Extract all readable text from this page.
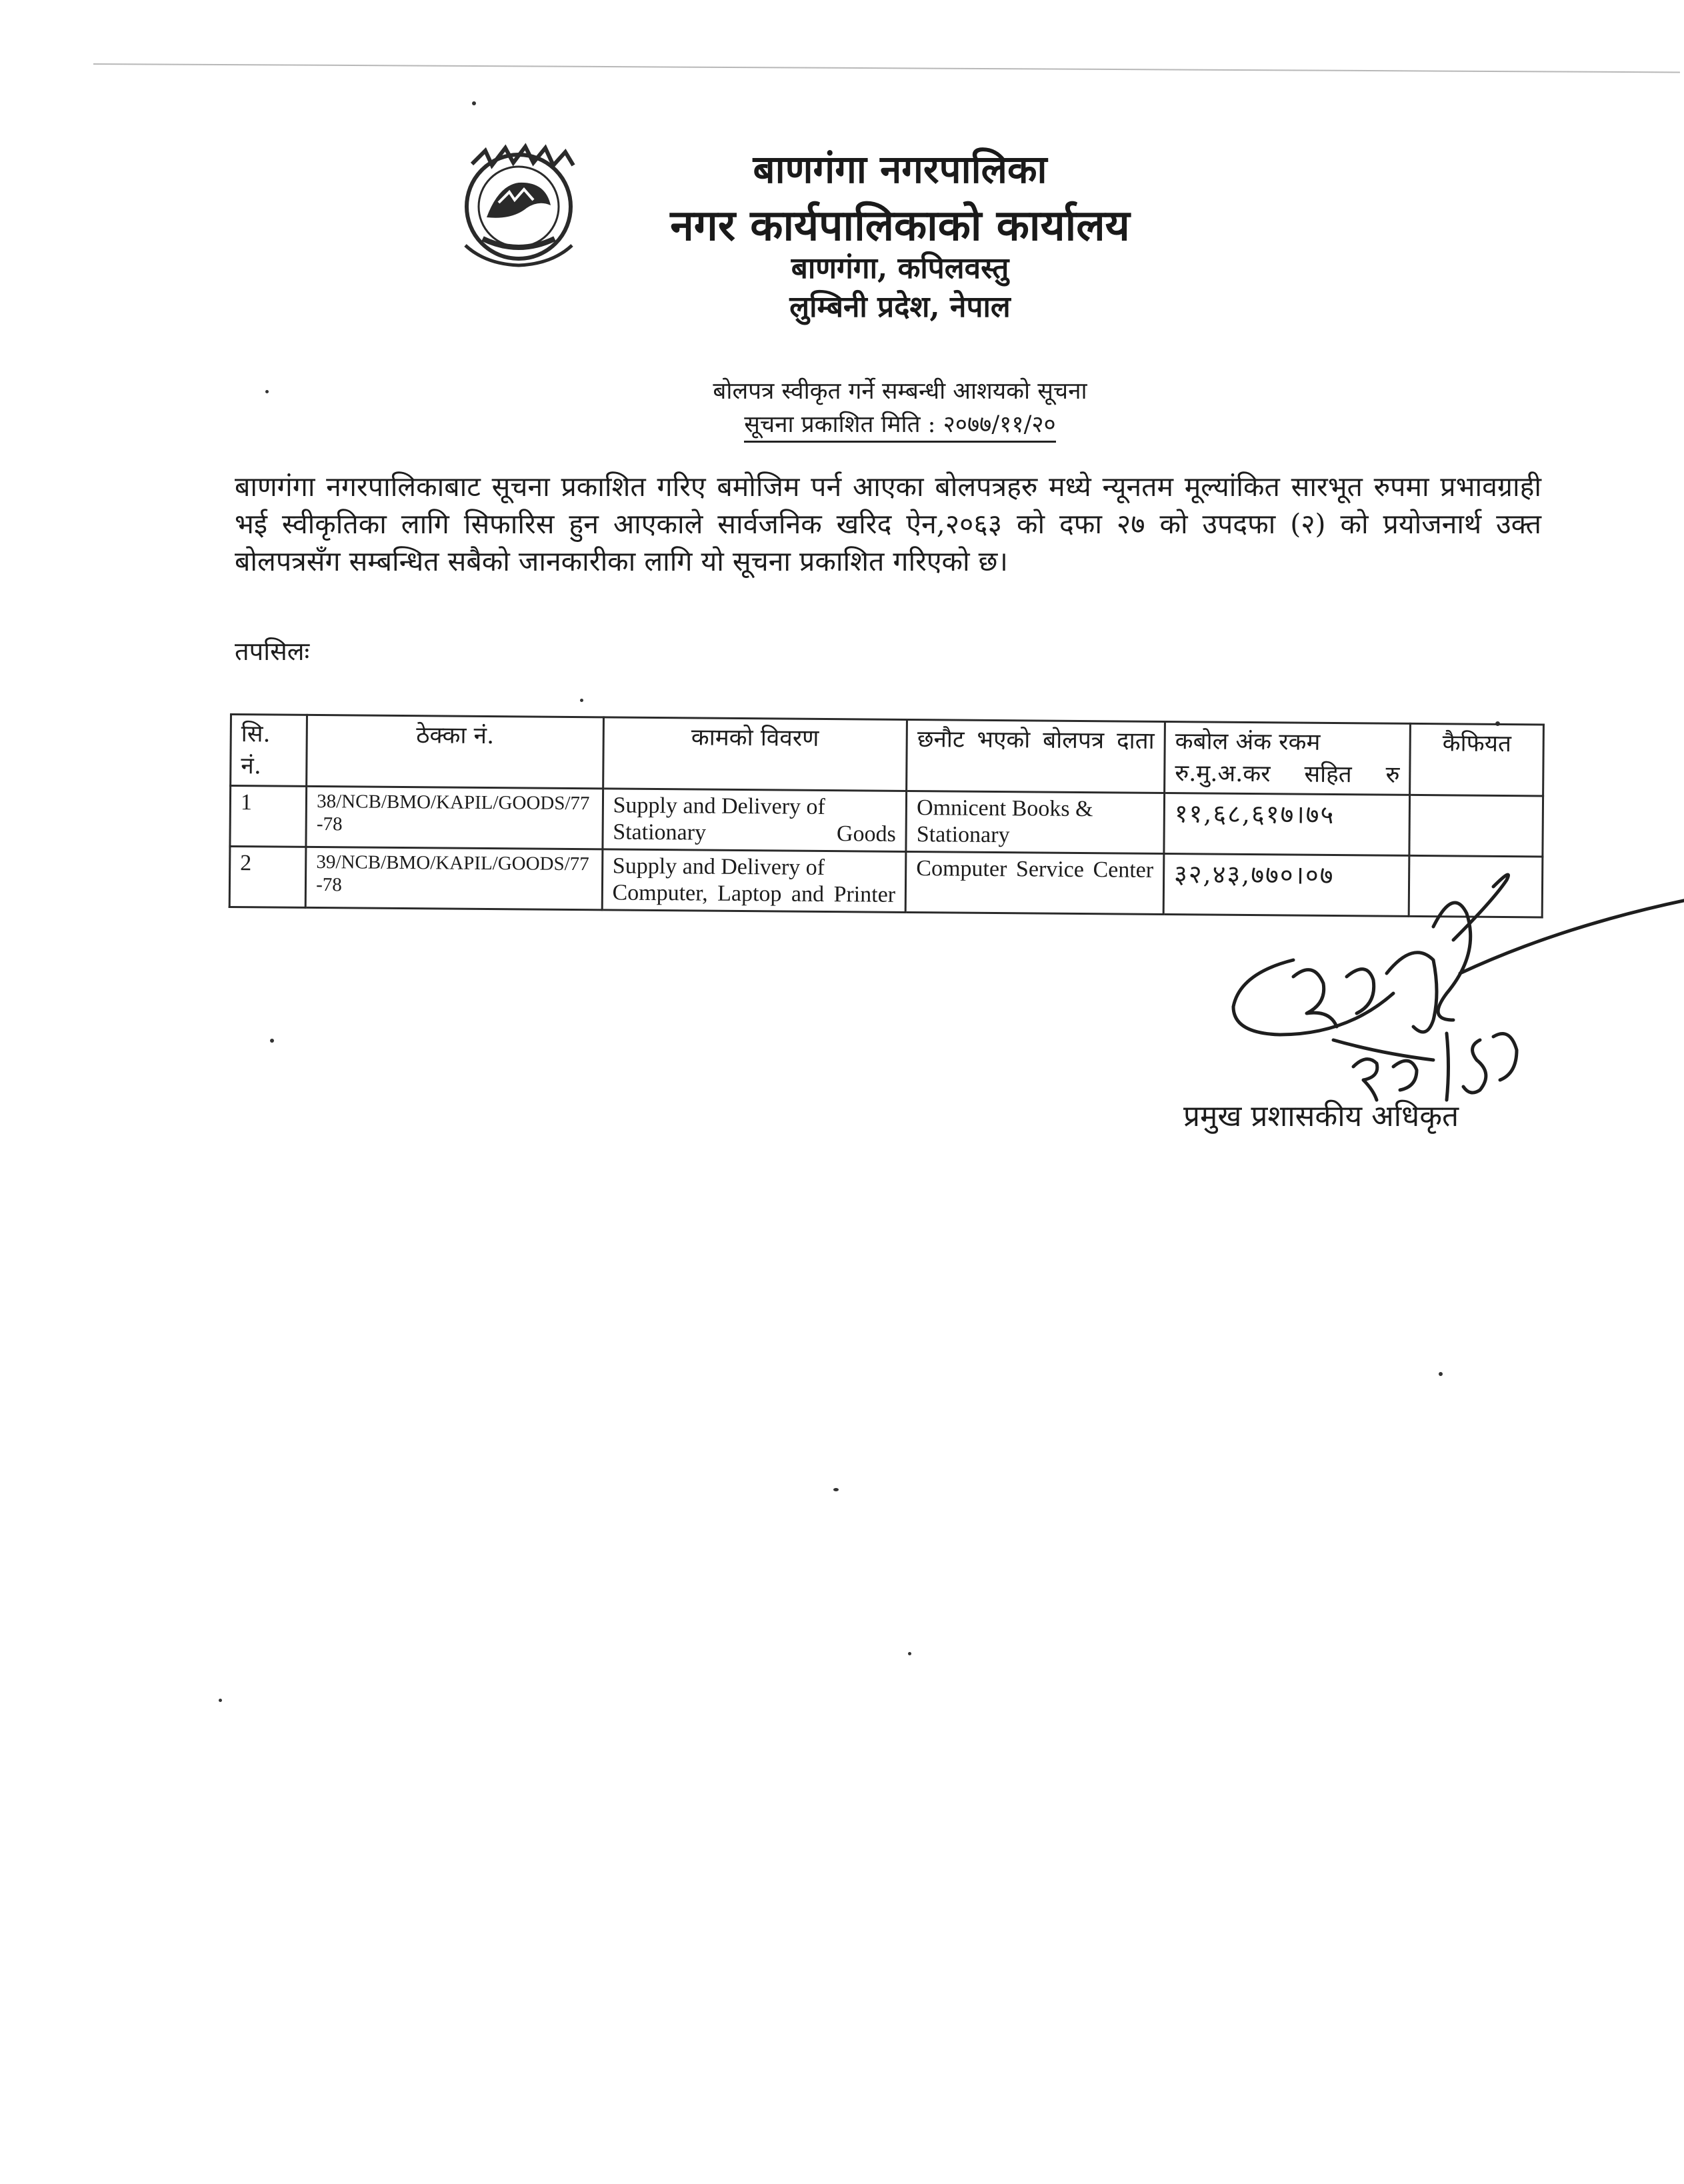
बाणगंगा नगरपालिका
नगर कार्यपालिकाको कार्यालय
बाणगंगा, कपिलवस्तु
लुम्बिनी प्रदेश, नेपाल
बोलपत्र स्वीकृत गर्ने सम्बन्धी आशयको सूचना
सूचना प्रकाशित मिति : २०७७/११/२०
बाणगंगा नगरपालिकाबाट सूचना प्रकाशित गरिए बमोजिम पर्न आएका बोलपत्रहरु मध्ये न्यूनतम मूल्यांकित सारभूत रुपमा प्रभावग्राही भई स्वीकृतिका लागि सिफारिस हुन आएकाले सार्वजनिक खरिद ऐन,२०६३ को दफा २७ को उपदफा (२) को प्रयोजनार्थ उक्त बोलपत्रसँग सम्बन्धित सबैको जानकारीका लागि यो सूचना प्रकाशित गरिएको छ।
तपसिलः
सि. नं.	ठेक्का नं.	कामको विवरण	छनौट भएको बोलपत्र दाता	कबोल अंक रकम रु.मु.अ.कर सहित रु	कैफियत
1	38/NCB/BMO/KAPIL/GOODS/77-78	Supply and Delivery of Stationary Goods	Omnicent Books & Stationary	११,६८,६१७।७५	
2	39/NCB/BMO/KAPIL/GOODS/77-78	Supply and Delivery of Computer, Laptop and Printer	Computer Service Center	३२,४३,७७०।०७	
प्रमुख प्रशासकीय अधिकृत
